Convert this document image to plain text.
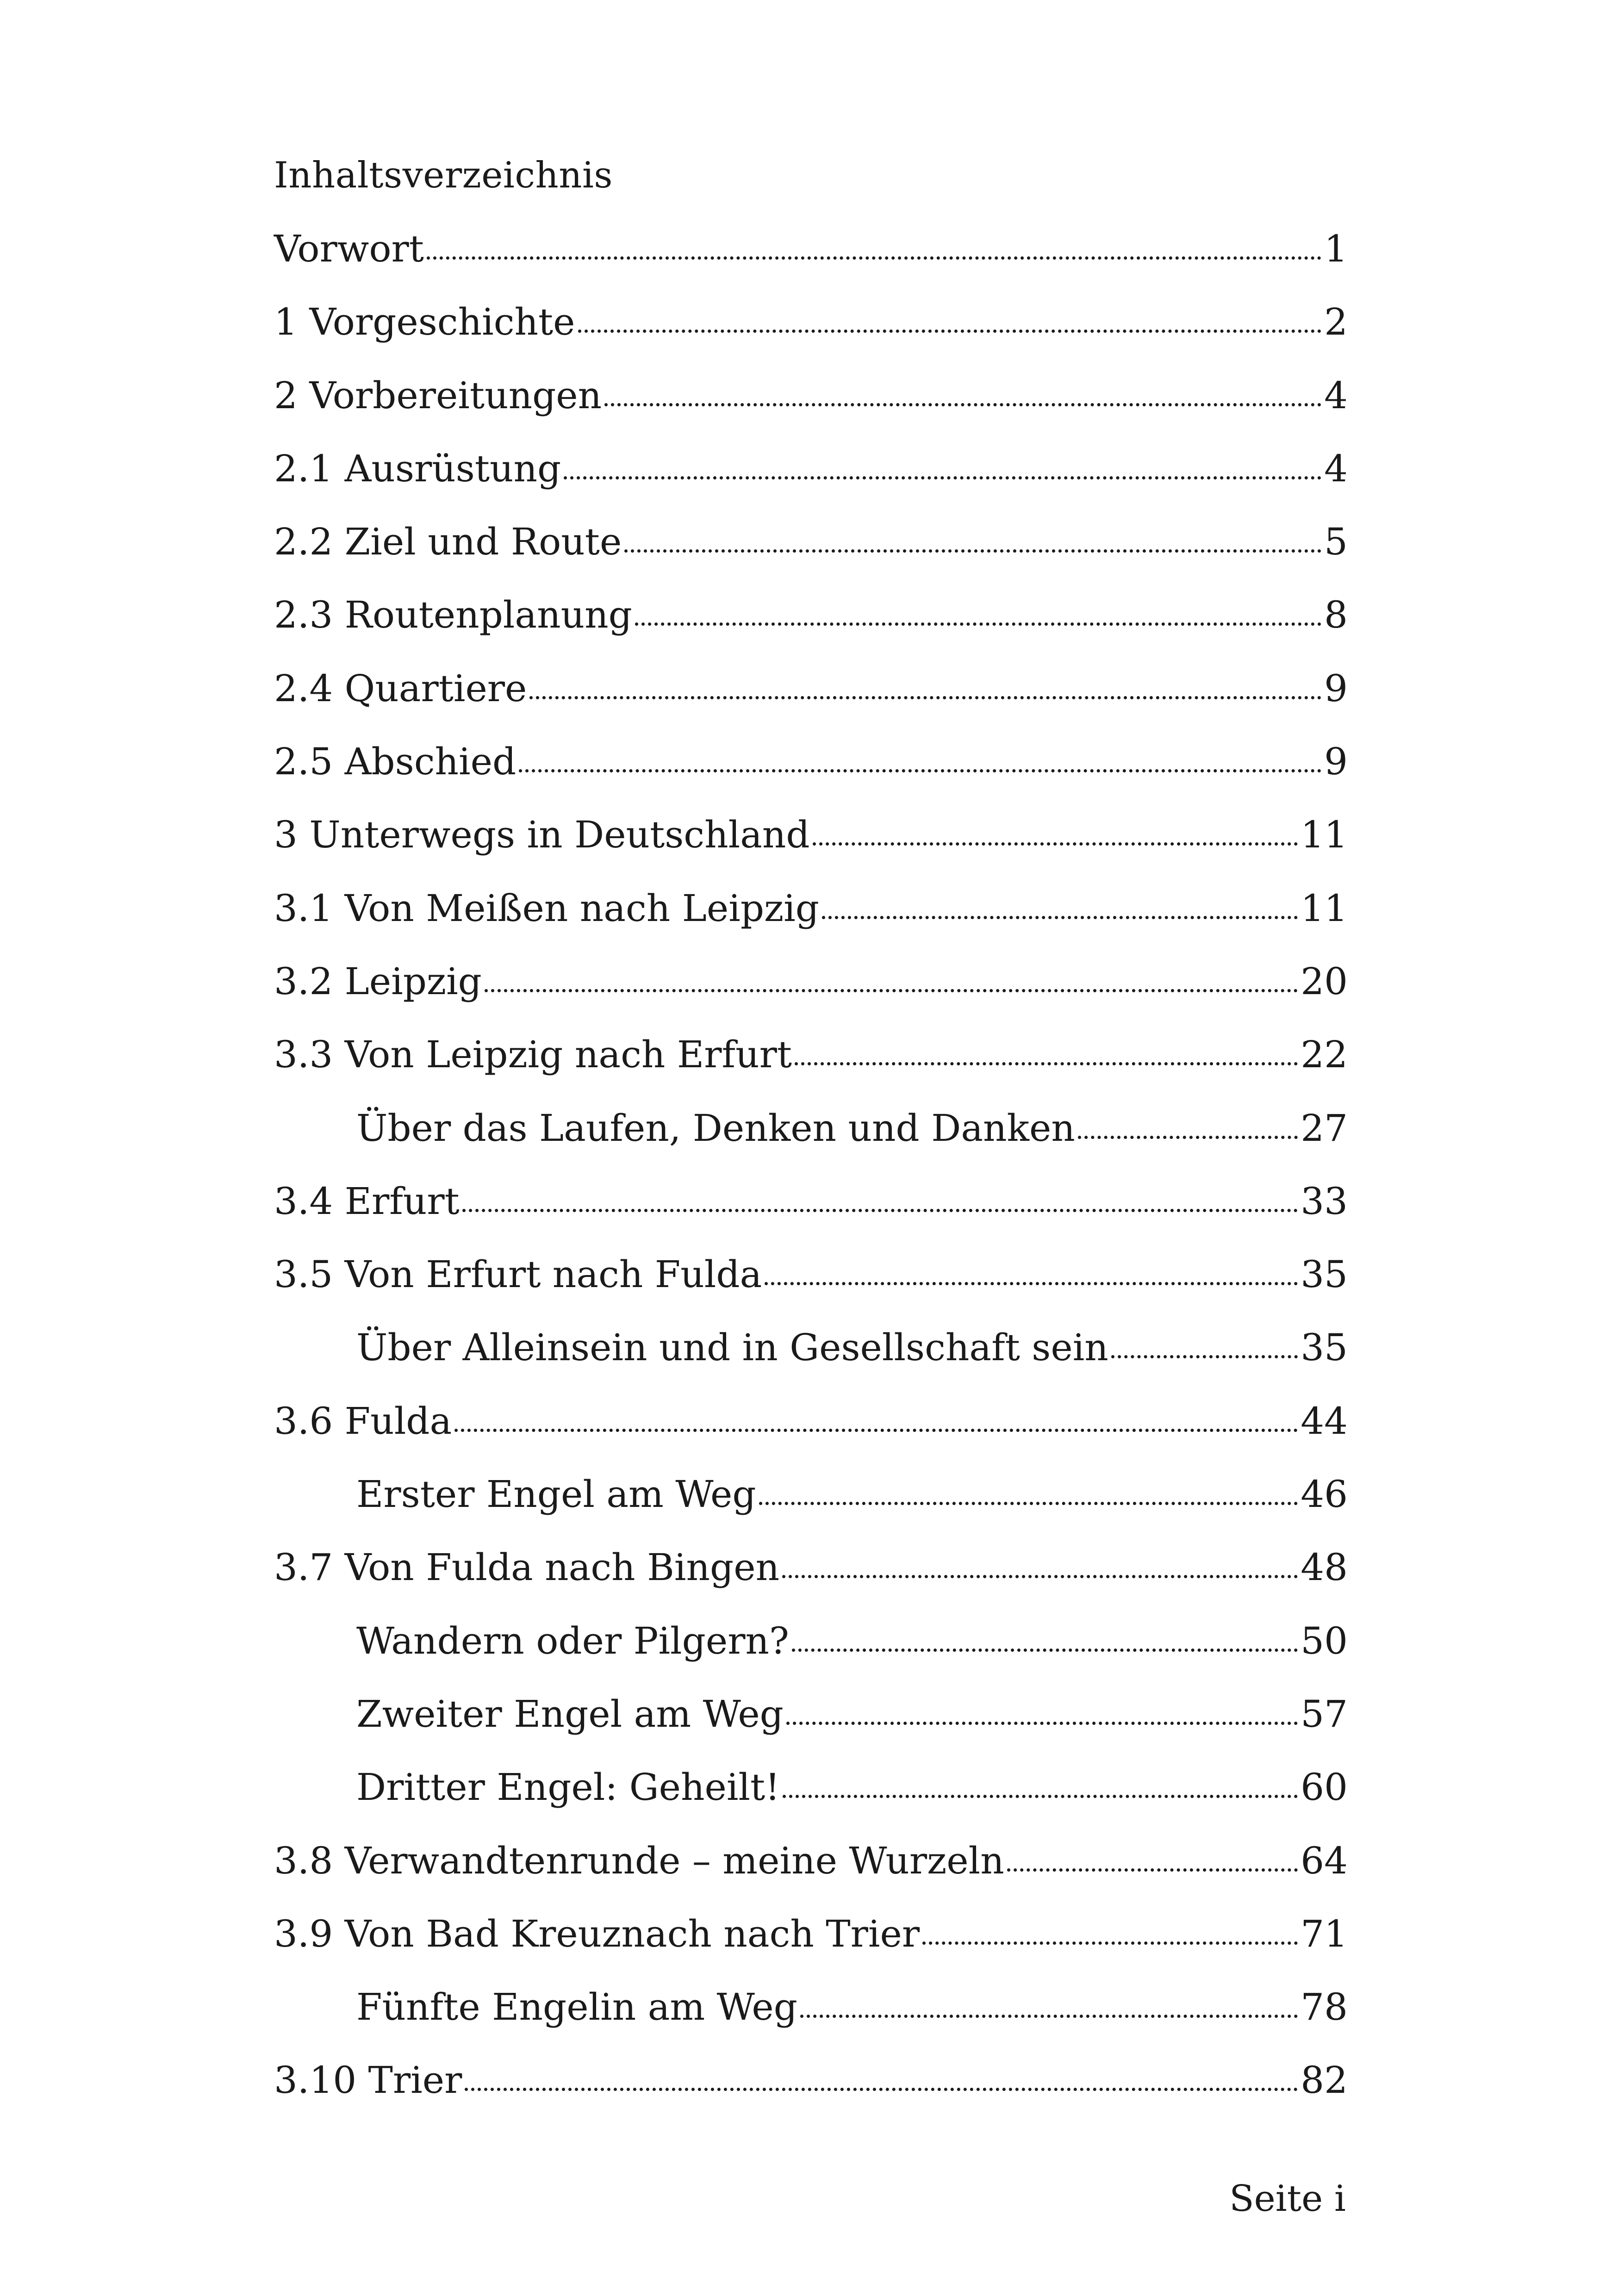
Inhaltsverzeichnis
Vorwort	1
1 Vorgeschichte	2
2 Vorbereitungen	4
2.1 Ausrüstung	4
2.2 Ziel und Route	5
2.3 Routenplanung	8
2.4 Quartiere	9
2.5 Abschied	9
3 Unterwegs in Deutschland	11
3.1 Von Meißen nach Leipzig	11
3.2 Leipzig	20
3.3 Von Leipzig nach Erfurt	22
Über das Laufen, Denken und Danken	27
3.4 Erfurt	33
3.5 Von Erfurt nach Fulda	35
Über Alleinsein und in Gesellschaft sein	35
3.6 Fulda	44
Erster Engel am Weg	46
3.7 Von Fulda nach Bingen	48
Wandern oder Pilgern?	50
Zweiter Engel am Weg	57
Dritter Engel: Geheilt!	60
3.8 Verwandtenrunde – meine Wurzeln	64
3.9 Von Bad Kreuznach nach Trier	71
Fünfte Engelin am Weg	78
3.10 Trier	82
Seite i
